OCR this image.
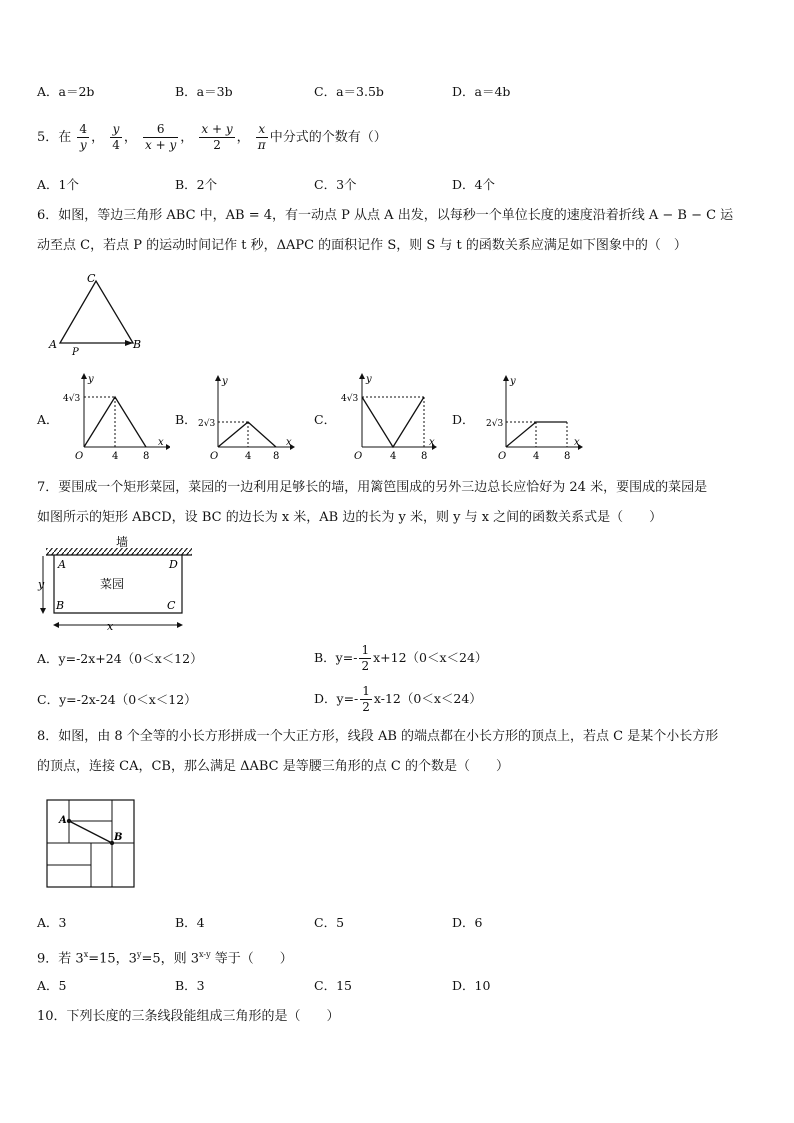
A．a＝2b	B．a＝3b	C．a＝3.5b	D．a＝4b
5．在 $\frac{4}{y}$ ， $\frac{y}{4}$ ， $\frac{6}{x + y}$ ， $\frac{x + y}{2}$ ， $\frac{x}{\pi}$ 中分式的个数有（）
A．1个	B．2个	C．3个	D．4个
6．如图，等边三角形 ABC 中，AB = 4，有一动点 P 从点 A 出发，以每秒一个单位长度的速度沿着折线 A − B − C 运
动至点 C，若点 P 的运动时间记作 t 秒，ΔAPC 的面积记作 S，则 S 与 t 的函数关系应满足如下图象中的（　）
A	B
C
P
A．	B．	C．	D．
x
y
O	4 8
4√3
x
y
O	4 8
2√3
x
y
O	4 8
4√3
x
y
O	4 8
2√3
7．要围成一个矩形菜园，菜园的一边利用足够长的墙，用篱笆围成的另外三边总长应恰好为 24 米，要围成的菜园是
如图所示的矩形 ABCD，设 BC 的边长为 x 米，AB 边的长为 y 米，则 y 与 x 之间的函数关系式是（　　）
墙
菜园
A	D
B	C
y
x
A．y=-2x+24（0＜x＜12）	B．$y=- \frac{1}{2} x+12(0<x<24)$
C．y=-2x-24（0＜x＜12）	D．$y=- \frac{1}{2} x-12(0<x<24)$
8．如图，由 8 个全等的小长方形拼成一个大正方形，线段 AB 的端点都在小长方形的顶点上，若点 C 是某个小长方形
的顶点，连接 CA，CB，那么满足 ΔABC 是等腰三角形的点 C 的个数是（　　）
A
B
A．3	B．4	C．5	D．6
9．若 $3^x=15$，$3^y=5$，则 3$^{x-y}$ 等于（　　）
A．5	B．3	C．15	D．10
10．下列长度的三条线段能组成三角形的是（　　）
